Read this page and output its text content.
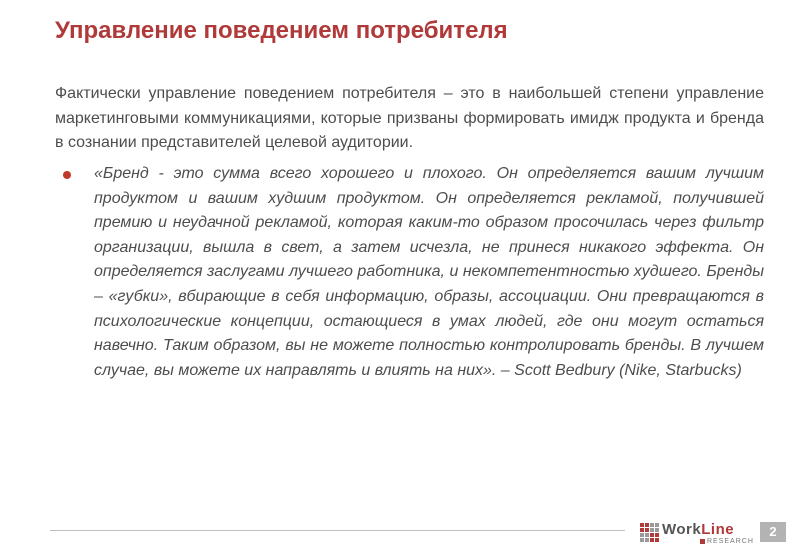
Управление поведением потребителя

Фактически управление поведением потребителя – это в наибольшей степени управление маркетинговыми коммуникациями, которые призваны формировать имидж продукта и бренда в сознании представителей целевой аудитории.

«Бренд - это сумма всего хорошего и плохого. Он определяется вашим лучшим продуктом и вашим худшим продуктом. Он определяется рекламой, получившей премию и неудачной рекламой, которая каким-то образом просочилась через фильтр организации, вышла в свет, а затем исчезла, не принеся никакого эффекта. Он определяется заслугами лучшего работника, и некомпетентностью худшего. Бренды – «губки», вбирающие в себя информацию, образы, ассоциации. Они превращаются в психологические концепции, остающиеся в умах людей, где они могут остаться навечно. Таким образом, вы не можете полностью контролировать бренды. В лучшем случае, вы можете их направлять и влиять на них». – Scott Bedbury (Nike, Starbucks)

WorkLine
RESEARCH
2
